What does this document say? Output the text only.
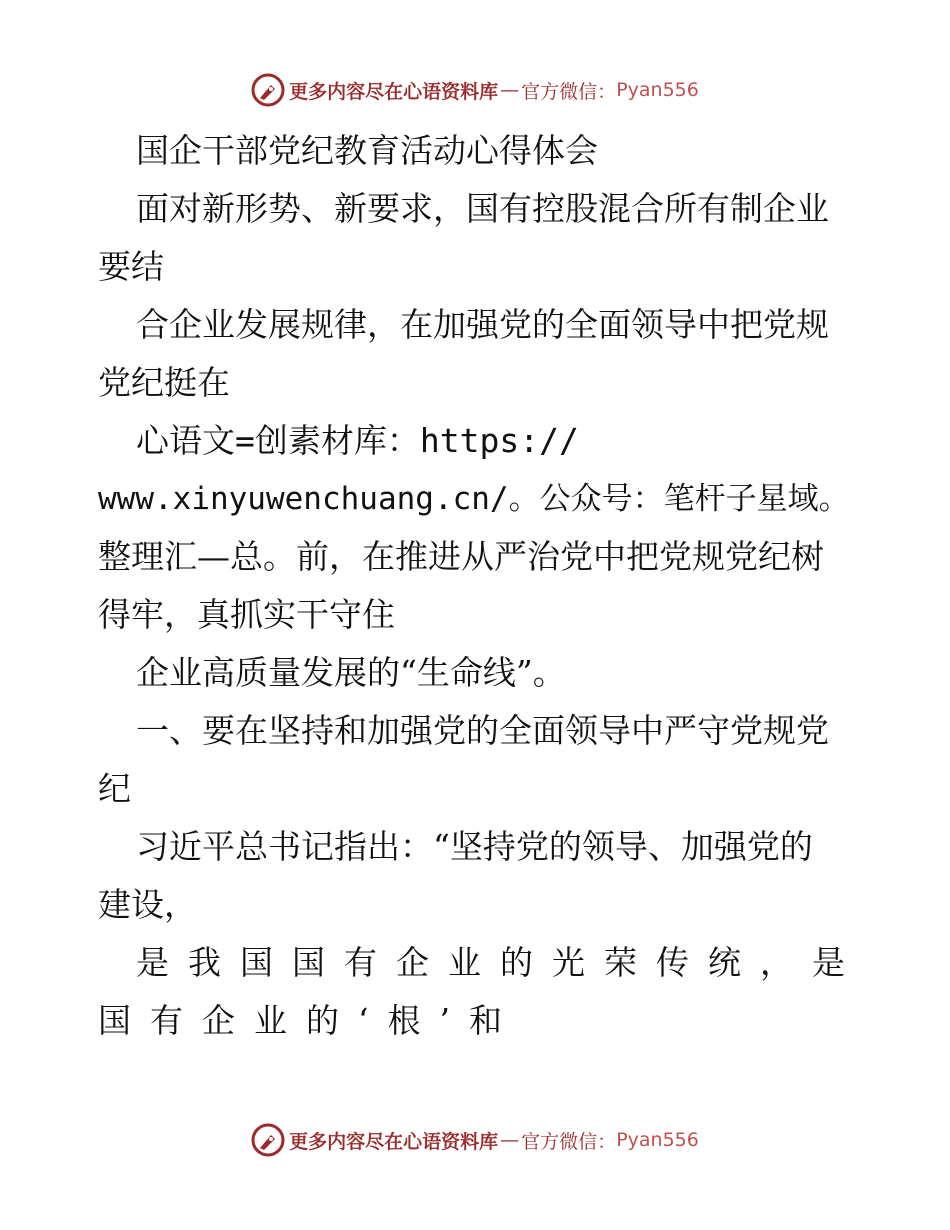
更多内容尽在心语资料库 — 官方微信： Pyan556
国企干部党纪教育活动心得体会
面对新形势、新要求，国有控股混合所有制企业
要结
合企业发展规律，在加强党的全面领导中把党规
党纪挺在
心语文=创素材库：https://
www.xinyuwenchuang.cn/。公众号：笔杆子星域。
整理汇—总。前，在推进从严治党中把党规党纪树
得牢，真抓实干守住
企业高质量发展的“生命线”。
一、要在坚持和加强党的全面领导中严守党规党
纪
习近平总书记指出：“坚持党的领导、加强党的
建设，
是我国国有企业的光荣传统，是
国有企业的‘根’和
更多内容尽在心语资料库 — 官方微信： Pyan556
